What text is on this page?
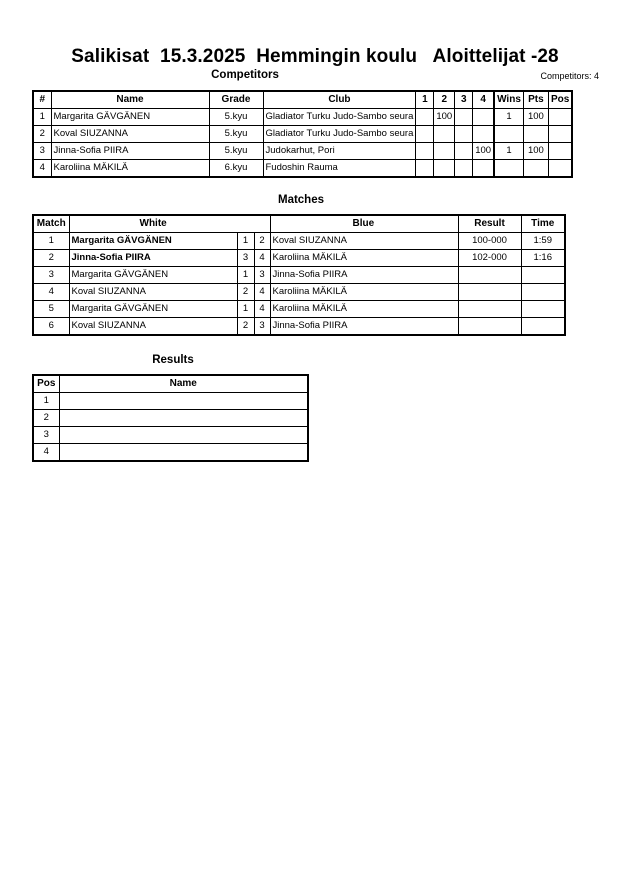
Salikisat  15.3.2025  Hemmingin koulu   Aloittelijat -28
Competitors	Competitors: 4
#	Name	Grade	Club	1	2	3	4	Wins	Pts	Pos
1	Margarita GÄVGÄNEN	5.kyu	Gladiator Turku Judo-Sambo seura		100			1	100	
2	Koval SIUZANNA	5.kyu	Gladiator Turku Judo-Sambo seura							
3	Jinna-Sofia PIIRA	5.kyu	Judokarhut, Pori				100	1	100	
4	Karoliina MÄKILÄ	6.kyu	Fudoshin Rauma							
Matches
Match	White			Blue	Result	Time
1	Margarita GÄVGÄNEN	1	2	Koval SIUZANNA	100-000	1:59
2	Jinna-Sofia PIIRA	3	4	Karoliina MÄKILÄ	102-000	1:16
3	Margarita GÄVGÄNEN	1	3	Jinna-Sofia PIIRA		
4	Koval SIUZANNA	2	4	Karoliina MÄKILÄ		
5	Margarita GÄVGÄNEN	1	4	Karoliina MÄKILÄ		
6	Koval SIUZANNA	2	3	Jinna-Sofia PIIRA		
Results
Pos	Name
1	
2	
3	
4	
